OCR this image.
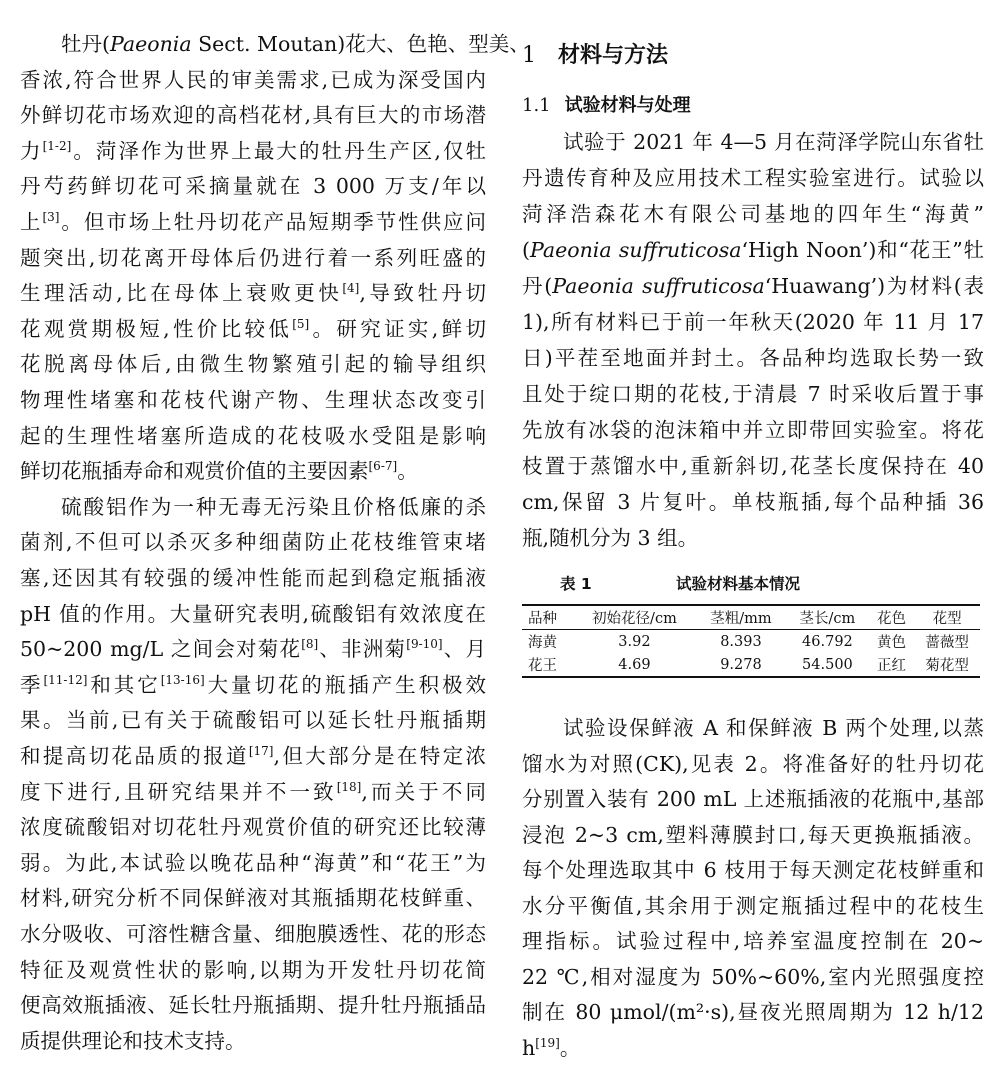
牡丹(Paeonia Sect. Moutan)花大、色艳、型美、
香浓,符合世界人民的审美需求,已成为深受国内
外鲜切花市场欢迎的高档花材,具有巨大的市场潜
力[1-2]。菏泽作为世界上最大的牡丹生产区,仅牡
丹芍药鲜切花可采摘量就在 3 000 万支/年以
上[3]。但市场上牡丹切花产品短期季节性供应问
题突出,切花离开母体后仍进行着一系列旺盛的
生理活动,比在母体上衰败更快[4],导致牡丹切
花观赏期极短,性价比较低[5]。研究证实,鲜切
花脱离母体后,由微生物繁殖引起的输导组织
物理性堵塞和花枝代谢产物、生理状态改变引
起的生理性堵塞所造成的花枝吸水受阻是影响
鲜切花瓶插寿命和观赏价值的主要因素[6-7]。
硫酸铝作为一种无毒无污染且价格低廉的杀
菌剂,不但可以杀灭多种细菌防止花枝维管束堵
塞,还因其有较强的缓冲性能而起到稳定瓶插液
pH 值的作用。大量研究表明,硫酸铝有效浓度在
50~200 mg/L 之间会对菊花[8]、非洲菊[9-10]、月
季[11-12]和其它[13-16]大量切花的瓶插产生积极效
果。当前,已有关于硫酸铝可以延长牡丹瓶插期
和提高切花品质的报道[17],但大部分是在特定浓
度下进行,且研究结果并不一致[18],而关于不同
浓度硫酸铝对切花牡丹观赏价值的研究还比较薄
弱。为此,本试验以晚花品种“海黄”和“花王”为
材料,研究分析不同保鲜液对其瓶插期花枝鲜重、
水分吸收、可溶性糖含量、细胞膜透性、花的形态
特征及观赏性状的影响,以期为开发牡丹切花简
便高效瓶插液、延长牡丹瓶插期、提升牡丹瓶插品
质提供理论和技术支持。
1 材料与方法
1.1 试验材料与处理
试验于 2021 年 4—5 月在菏泽学院山东省牡
丹遗传育种及应用技术工程实验室进行。试验以
菏泽浩森花木有限公司基地的四年生“海黄”
(Paeonia suffruticosa‘High Noon’)和“花王”牡
丹(Paeonia suffruticosa‘Huawang’)为材料(表
1),所有材料已于前一年秋天(2020 年 11 月 17
日)平茬至地面并封土。各品种均选取长势一致
且处于绽口期的花枝,于清晨 7 时采收后置于事
先放有冰袋的泡沫箱中并立即带回实验室。将花
枝置于蒸馏水中,重新斜切,花茎长度保持在 40
cm,保留 3 片复叶。单枝瓶插,每个品种插 36
瓶,随机分为 3 组。
表 1	试验材料基本情况
品种	初始花径/cm	茎粗/mm	茎长/cm	花色	花型
海黄	3.92	8.393	46.792	黄色	蔷薇型
花王	4.69	9.278	54.500	正红	菊花型
试验设保鲜液 A 和保鲜液 B 两个处理,以蒸
馏水为对照(CK),见表 2。将准备好的牡丹切花
分别置入装有 200 mL 上述瓶插液的花瓶中,基部
浸泡 2~3 cm,塑料薄膜封口,每天更换瓶插液。
每个处理选取其中 6 枝用于每天测定花枝鲜重和
水分平衡值,其余用于测定瓶插过程中的花枝生
理指标。试验过程中,培养室温度控制在 20~
22 ℃,相对湿度为 50%~60%,室内光照强度控
制在 80 μmol/(m²·s),昼夜光照周期为 12 h/12
h[19]。
